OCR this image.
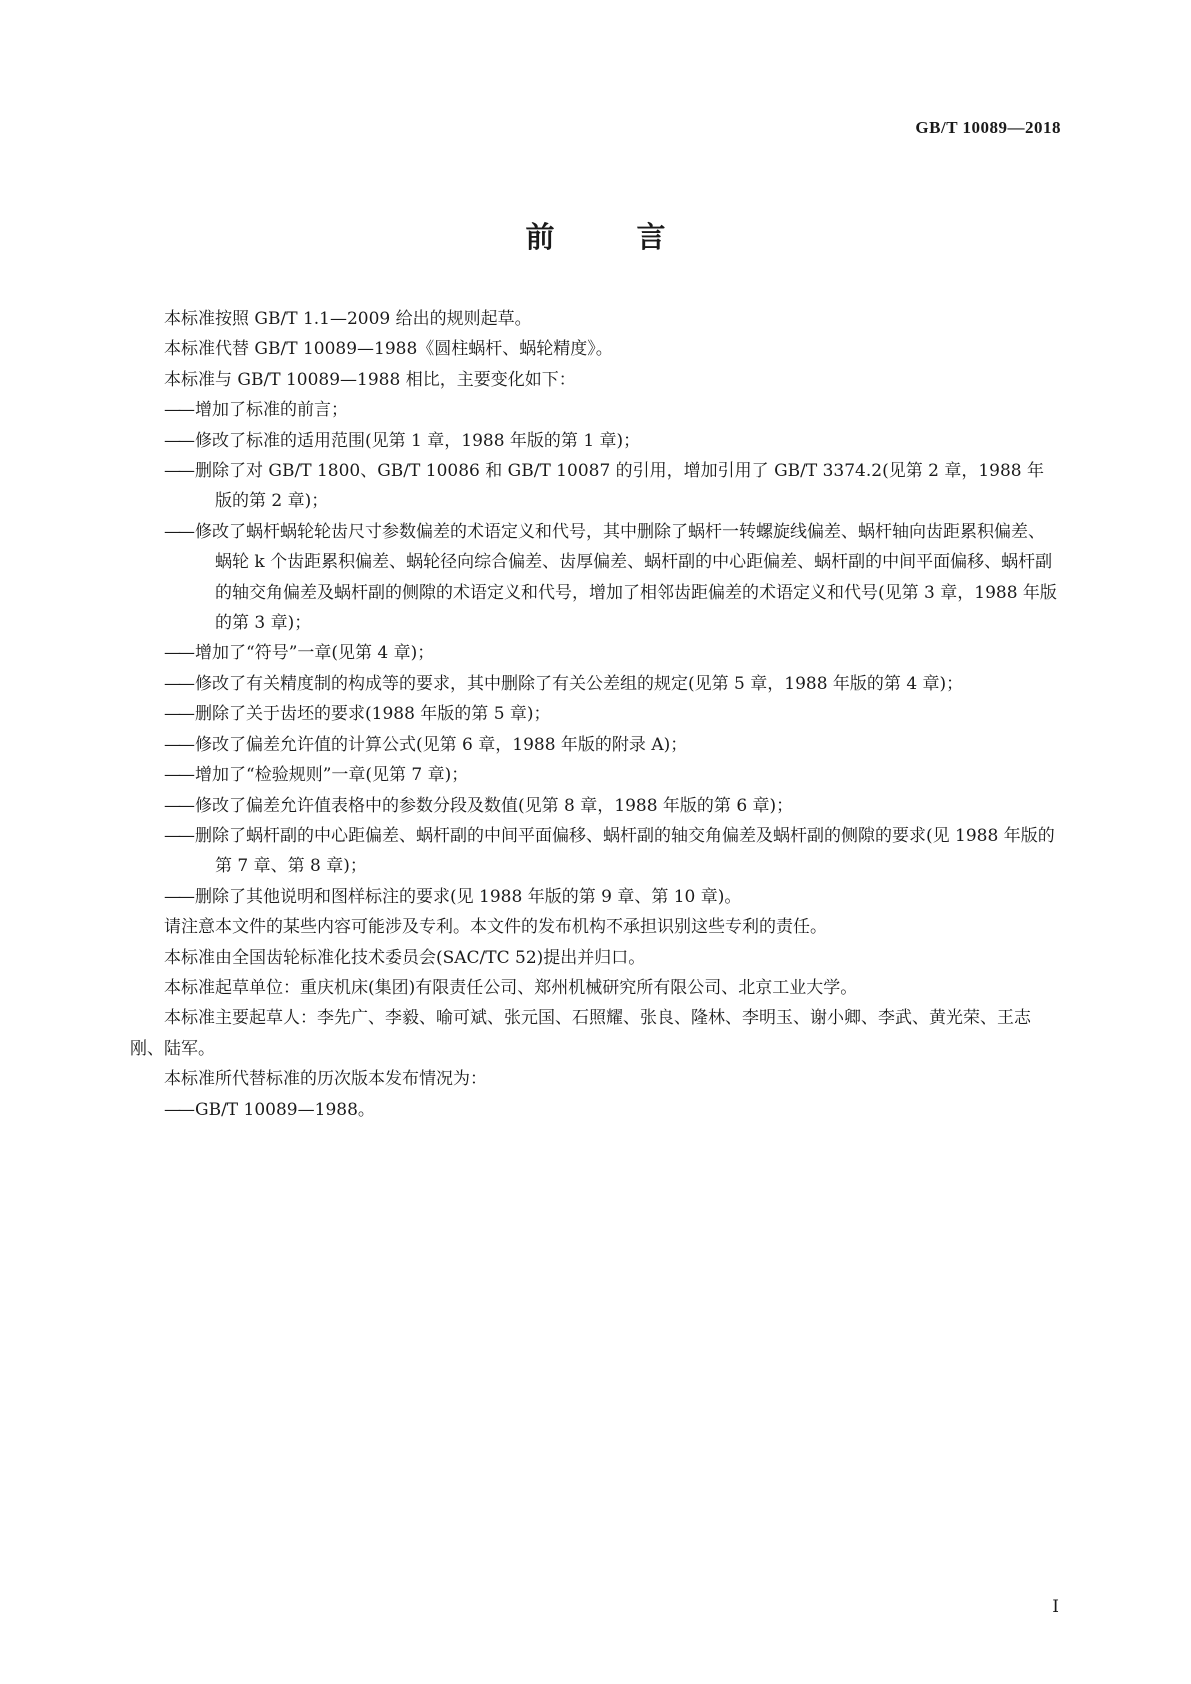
GB/T 10089—2018
前 言

本标准按照 GB/T 1.1—2009 给出的规则起草。

本标准代替 GB/T 10089—1988《圆柱蜗杆、蜗轮精度》。

本标准与 GB/T 10089—1988 相比，主要变化如下：

—— 增加了标准的前言；

—— 修改了标准的适用范围(见第 1 章，1988 年版的第 1 章)；

—— 删除了对 GB/T 1800、GB/T 10086 和 GB/T 10087 的引用，增加引用了 GB/T 3374.2(见第 2 章，1988 年版的第 2 章)；

—— 修改了蜗杆蜗轮轮齿尺寸参数偏差的术语定义和代号，其中删除了蜗杆一转螺旋线偏差、蜗杆轴向齿距累积偏差、蜗轮 k 个齿距累积偏差、蜗轮径向综合偏差、齿厚偏差、蜗杆副的中心距偏差、蜗杆副的中间平面偏移、蜗杆副的轴交角偏差及蜗杆副的侧隙的术语定义和代号，增加了相邻齿距偏差的术语定义和代号(见第 3 章，1988 年版的第 3 章)；

—— 增加了“符号”一章(见第 4 章)；

—— 修改了有关精度制的构成等的要求，其中删除了有关公差组的规定(见第 5 章，1988 年版的第 4 章)；

—— 删除了关于齿坯的要求(1988 年版的第 5 章)；

—— 修改了偏差允许值的计算公式(见第 6 章，1988 年版的附录 A)；

—— 增加了“检验规则”一章(见第 7 章)；

—— 修改了偏差允许值表格中的参数分段及数值(见第 8 章，1988 年版的第 6 章)；

—— 删除了蜗杆副的中心距偏差、蜗杆副的中间平面偏移、蜗杆副的轴交角偏差及蜗杆副的侧隙的要求(见 1988 年版的第 7 章、第 8 章)；

—— 删除了其他说明和图样标注的要求(见 1988 年版的第 9 章、第 10 章)。

请注意本文件的某些内容可能涉及专利。本文件的发布机构不承担识别这些专利的责任。

本标准由全国齿轮标准化技术委员会(SAC/TC 52)提出并归口。

本标准起草单位：重庆机床(集团)有限责任公司、郑州机械研究所有限公司、北京工业大学。

本标准主要起草人：李先广、李毅、喻可斌、张元国、石照耀、张良、隆林、李明玉、谢小卿、李武、黄光荣、王志刚、陆军。

本标准所代替标准的历次版本发布情况为：

—— GB/T 10089—1988。

I
